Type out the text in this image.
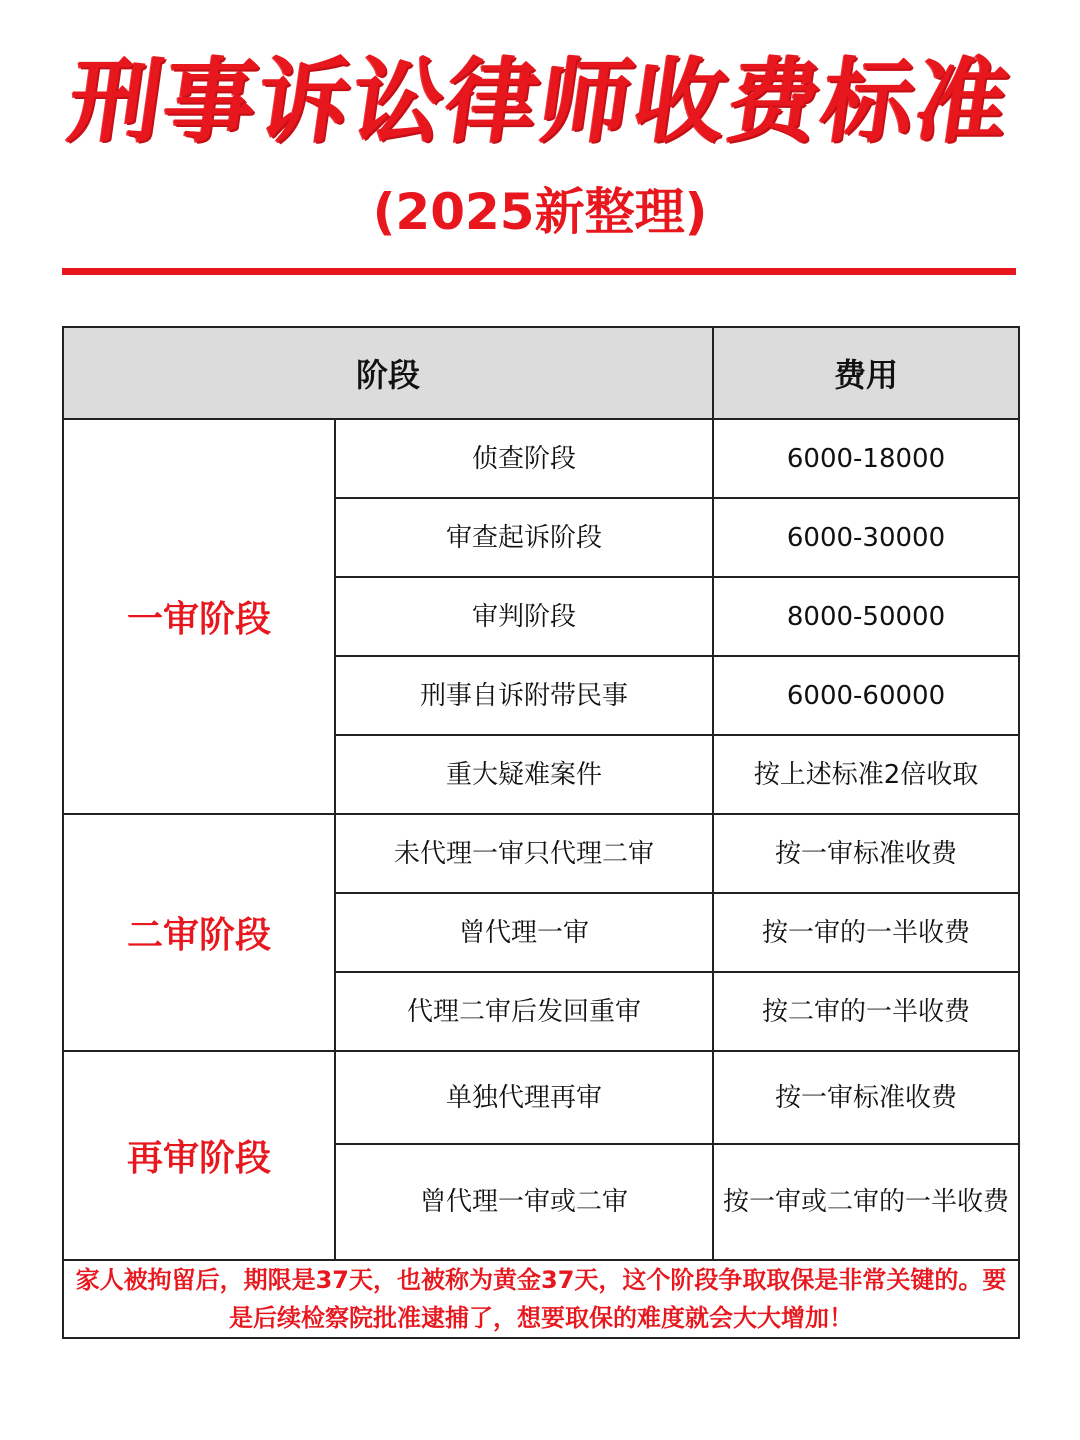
刑事诉讼律师收费标准
(2025新整理)
阶段		费用
一审阶段	侦查阶段	6000-18000
	审查起诉阶段	6000-30000
	审判阶段	8000-50000
	刑事自诉附带民事	6000-60000
	重大疑难案件	按上述标准2倍收取
二审阶段	未代理一审只代理二审	按一审标准收费
	曾代理一审	按一审的一半收费
	代理二审后发回重审	按二审的一半收费
再审阶段	单独代理再审	按一审标准收费
	曾代理一审或二审	按一审或二审的一半收费
家人被拘留后，期限是37天，也被称为黄金37天，这个阶段争取取保是非常关键的。要是后续检察院批准逮捕了，想要取保的难度就会大大增加！		
